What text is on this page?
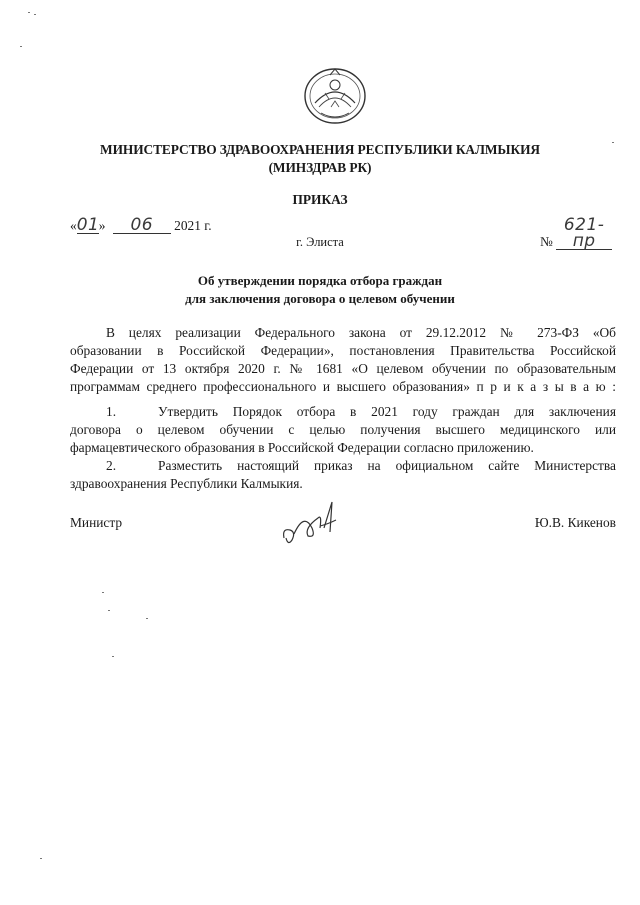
МИНИСТЕРСТВО ЗДРАВООХРАНЕНИЯ РЕСПУБЛИКИ КАЛМЫКИЯ
(МИНЗДРАВ РК)
ПРИКАЗ
«01» 06 2021 г.
№ 621-пр
г. Элиста
Об утверждении порядка отбора граждан
для заключения договора о целевом обучении
В целях реализации Федерального закона от 29.12.2012 № 273-ФЗ «Об
образовании в Российской Федерации», постановления Правительства Российской
Федерации от 13 октября 2020 г. № 1681 «О целевом обучении по образовательным
программам среднего профессионального и высшего образования» п р и к а з ы в а ю :
1.	Утвердить Порядок отбора в 2021 году граждан для заключения
договора о целевом обучении с целью получения высшего медицинского или
фармацевтического образования в Российской Федерации согласно приложению.
2.	Разместить настоящий приказ на официальном сайте Министерства
здравоохранения Республики Калмыкия.
Министр	Ю.В. Кикенов
